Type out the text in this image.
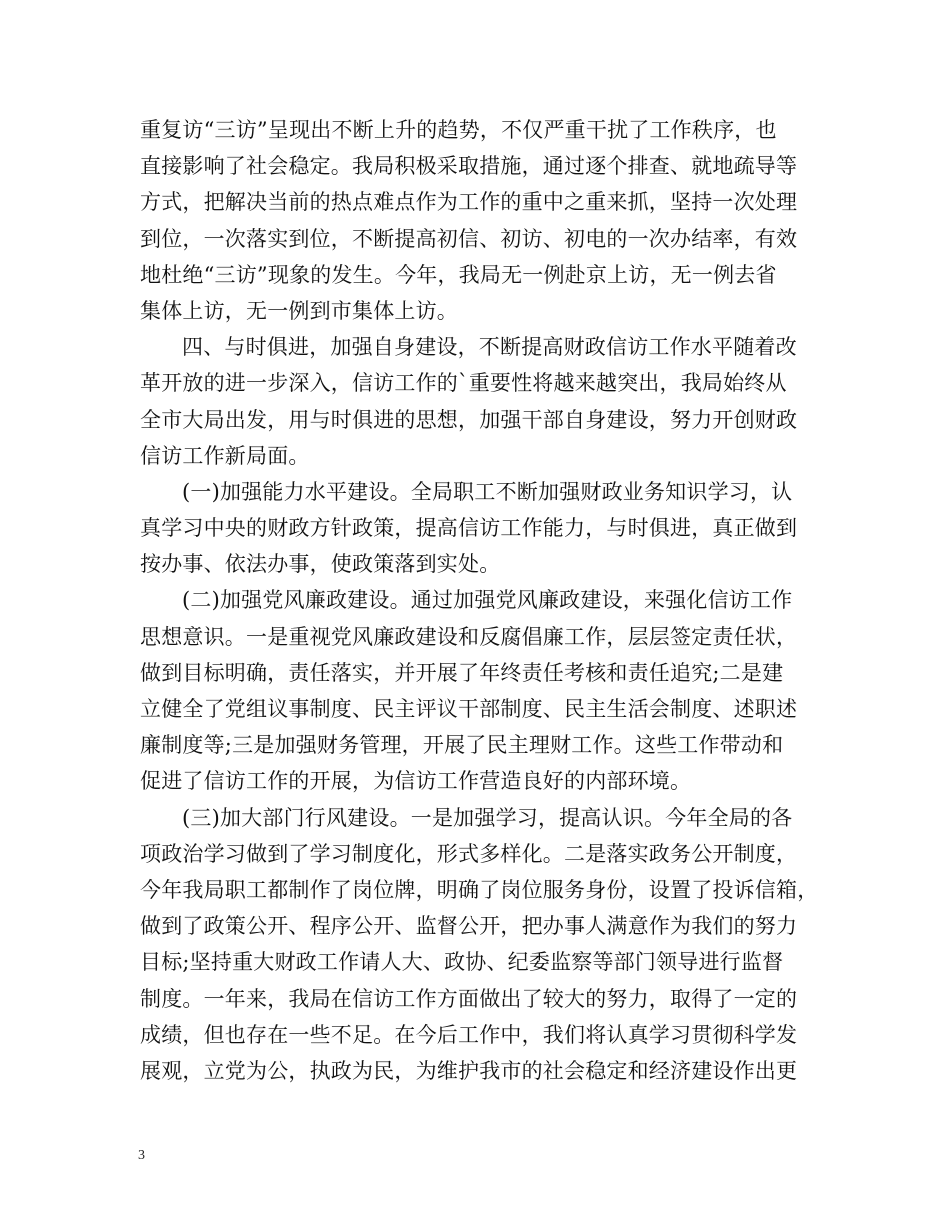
重复访“三访”呈现出不断上升的趋势，不仅严重干扰了工作秩序，也
直接影响了社会稳定。我局积极采取措施，通过逐个排查、就地疏导等
方式，把解决当前的热点难点作为工作的重中之重来抓，坚持一次处理
到位，一次落实到位，不断提高初信、初访、初电的一次办结率，有效
地杜绝“三访”现象的发生。今年，我局无一例赴京上访，无一例去省
集体上访，无一例到市集体上访。
四、与时俱进，加强自身建设，不断提高财政信访工作水平随着改
革开放的进一步深入，信访工作的`重要性将越来越突出，我局始终从
全市大局出发，用与时俱进的思想，加强干部自身建设，努力开创财政
信访工作新局面。
(一)加强能力水平建设。全局职工不断加强财政业务知识学习，认
真学习中央的财政方针政策，提高信访工作能力，与时俱进，真正做到
按办事、依法办事，使政策落到实处。
(二)加强党风廉政建设。通过加强党风廉政建设，来强化信访工作
思想意识。一是重视党风廉政建设和反腐倡廉工作，层层签定责任状，
做到目标明确，责任落实，并开展了年终责任考核和责任追究;二是建
立健全了党组议事制度、民主评议干部制度、民主生活会制度、述职述
廉制度等;三是加强财务管理，开展了民主理财工作。这些工作带动和
促进了信访工作的开展，为信访工作营造良好的内部环境。
(三)加大部门行风建设。一是加强学习，提高认识。今年全局的各
项政治学习做到了学习制度化，形式多样化。二是落实政务公开制度，
今年我局职工都制作了岗位牌，明确了岗位服务身份，设置了投诉信箱，
做到了政策公开、程序公开、监督公开，把办事人满意作为我们的努力
目标;坚持重大财政工作请人大、政协、纪委监察等部门领导进行监督
制度。一年来，我局在信访工作方面做出了较大的努力，取得了一定的
成绩，但也存在一些不足。在今后工作中，我们将认真学习贯彻科学发
展观，立党为公，执政为民，为维护我市的社会稳定和经济建设作出更
3
